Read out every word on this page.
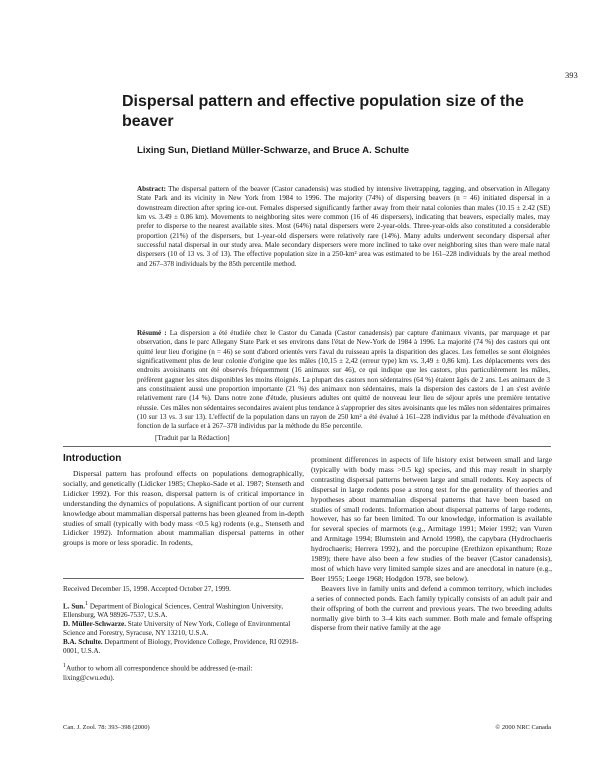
393
Dispersal pattern and effective population size of the beaver
Lixing Sun, Dietland Müller-Schwarze, and Bruce A. Schulte
Abstract: The dispersal pattern of the beaver (Castor canadensis) was studied by intensive livetrapping, tagging, and observation in Allegany State Park and its vicinity in New York from 1984 to 1996. The majority (74%) of dispersing beavers (n = 46) initiated dispersal in a downstream direction after spring ice-out. Females dispersed significantly farther away from their natal colonies than males (10.15 ± 2.42 (SE) km vs. 3.49 ± 0.86 km). Movements to neighboring sites were common (16 of 46 dispersers), indicating that beavers, especially males, may prefer to disperse to the nearest available sites. Most (64%) natal dispersers were 2-year-olds. Three-year-olds also constituted a considerable proportion (21%) of the dispersers, but 1-year-old dispersers were relatively rare (14%). Many adults underwent secondary dispersal after successful natal dispersal in our study area. Male secondary dispersers were more inclined to take over neighboring sites than were male natal dispersers (10 of 13 vs. 3 of 13). The effective population size in a 250-km² area was estimated to be 161–228 individuals by the areal method and 267–378 individuals by the 85th percentile method.
Résumé : La dispersion a été étudiée chez le Castor du Canada (Castor canadensis) par capture d'animaux vivants, par marquage et par observation, dans le parc Allegany State Park et ses environs dans l'état de New-York de 1984 à 1996. La majorité (74 %) des castors qui ont quitté leur lieu d'origine (n = 46) se sont d'abord orientés vers l'aval du ruisseau après la disparition des glaces. Les femelles se sont éloignées significativement plus de leur colonie d'origine que les mâles (10,15 ± 2,42 (erreur type) km vs. 3,49 ± 0,86 km). Les déplacements vers des endroits avoisinants ont été observés fréquemment (16 animaux sur 46), ce qui indique que les castors, plus particulièrement les mâles, préfèrent gagner les sites disponibles les moins éloignés. La plupart des castors non sédentaires (64 %) étaient âgés de 2 ans. Les animaux de 3 ans constituaient aussi une proportion importante (21 %) des animaux non sédentaires, mais la dispersion des castors de 1 an s'est avérée relativement rare (14 %). Dans notre zone d'étude, plusieurs adultes ont quitté de nouveau leur lieu de séjour après une première tentative réussie. Ces mâles non sédentaires secondaires avaient plus tendance à s'approprier des sites avoisinants que les mâles non sédentaires primaires (10 sur 13 vs. 3 sur 13). L'effectif de la population dans un rayon de 250 km² a été évalué à 161–228 individus par la méthode d'évaluation en fonction de la surface et à 267–378 individus par la méthode du 85e percentile.
[Traduit par la Rédaction]
Introduction

Dispersal pattern has profound effects on populations demographically, socially, and genetically (Lidicker 1985; Chepko-Sade et al. 1987; Stenseth and Lidicker 1992). For this reason, dispersal pattern is of critical importance in understanding the dynamics of populations. A significant portion of our current knowledge about mammalian dispersal patterns has been gleaned from in-depth studies of small (typically with body mass <0.5 kg) rodents (e.g., Stenseth and Lidicker 1992). Information about mammalian dispersal patterns in other groups is more or less sporadic. In rodents,

Received December 15, 1998. Accepted October 27, 1999.

L. Sun.$^1$ Department of Biological Sciences, Central Washington University, Ellensburg, WA 98926-7537, U.S.A.
D. Müller-Schwarze. State University of New York, College of Environmental Science and Forestry, Syracuse, NY 13210, U.S.A.
B.A. Schulte. Department of Biology, Providence College, Providence, RI 02918-0001, U.S.A.

$^1$Author to whom all correspondence should be addressed (e-mail: lixing@cwu.edu).

prominent differences in aspects of life history exist between small and large (typically with body mass >0.5 kg) species, and this may result in sharply contrasting dispersal patterns between large and small rodents. Key aspects of dispersal in large rodents pose a strong test for the generality of theories and hypotheses about mammalian dispersal patterns that have been based on studies of small rodents. Information about dispersal patterns of large rodents, however, has so far been limited. To our knowledge, information is available for several species of marmots (e.g., Armitage 1991; Meier 1992; van Vuren and Armitage 1994; Blumstein and Arnold 1998), the capybara (Hydrochaeris hydrochaeris; Herrera 1992), and the porcupine (Erethizon epixanthum; Roze 1989); there have also been a few studies of the beaver (Castor canadensis), most of which have very limited sample sizes and are anecdotal in nature (e.g., Beer 1955; Leege 1968; Hodgdon 1978, see below).

Beavers live in family units and defend a common territory, which includes a series of connected ponds. Each family typically consists of an adult pair and their offspring of both the current and previous years. The two breeding adults normally give birth to 3–4 kits each summer. Both male and female offspring disperse from their native family at the age

Can. J. Zool. 78: 393–398 (2000)	© 2000 NRC Canada
